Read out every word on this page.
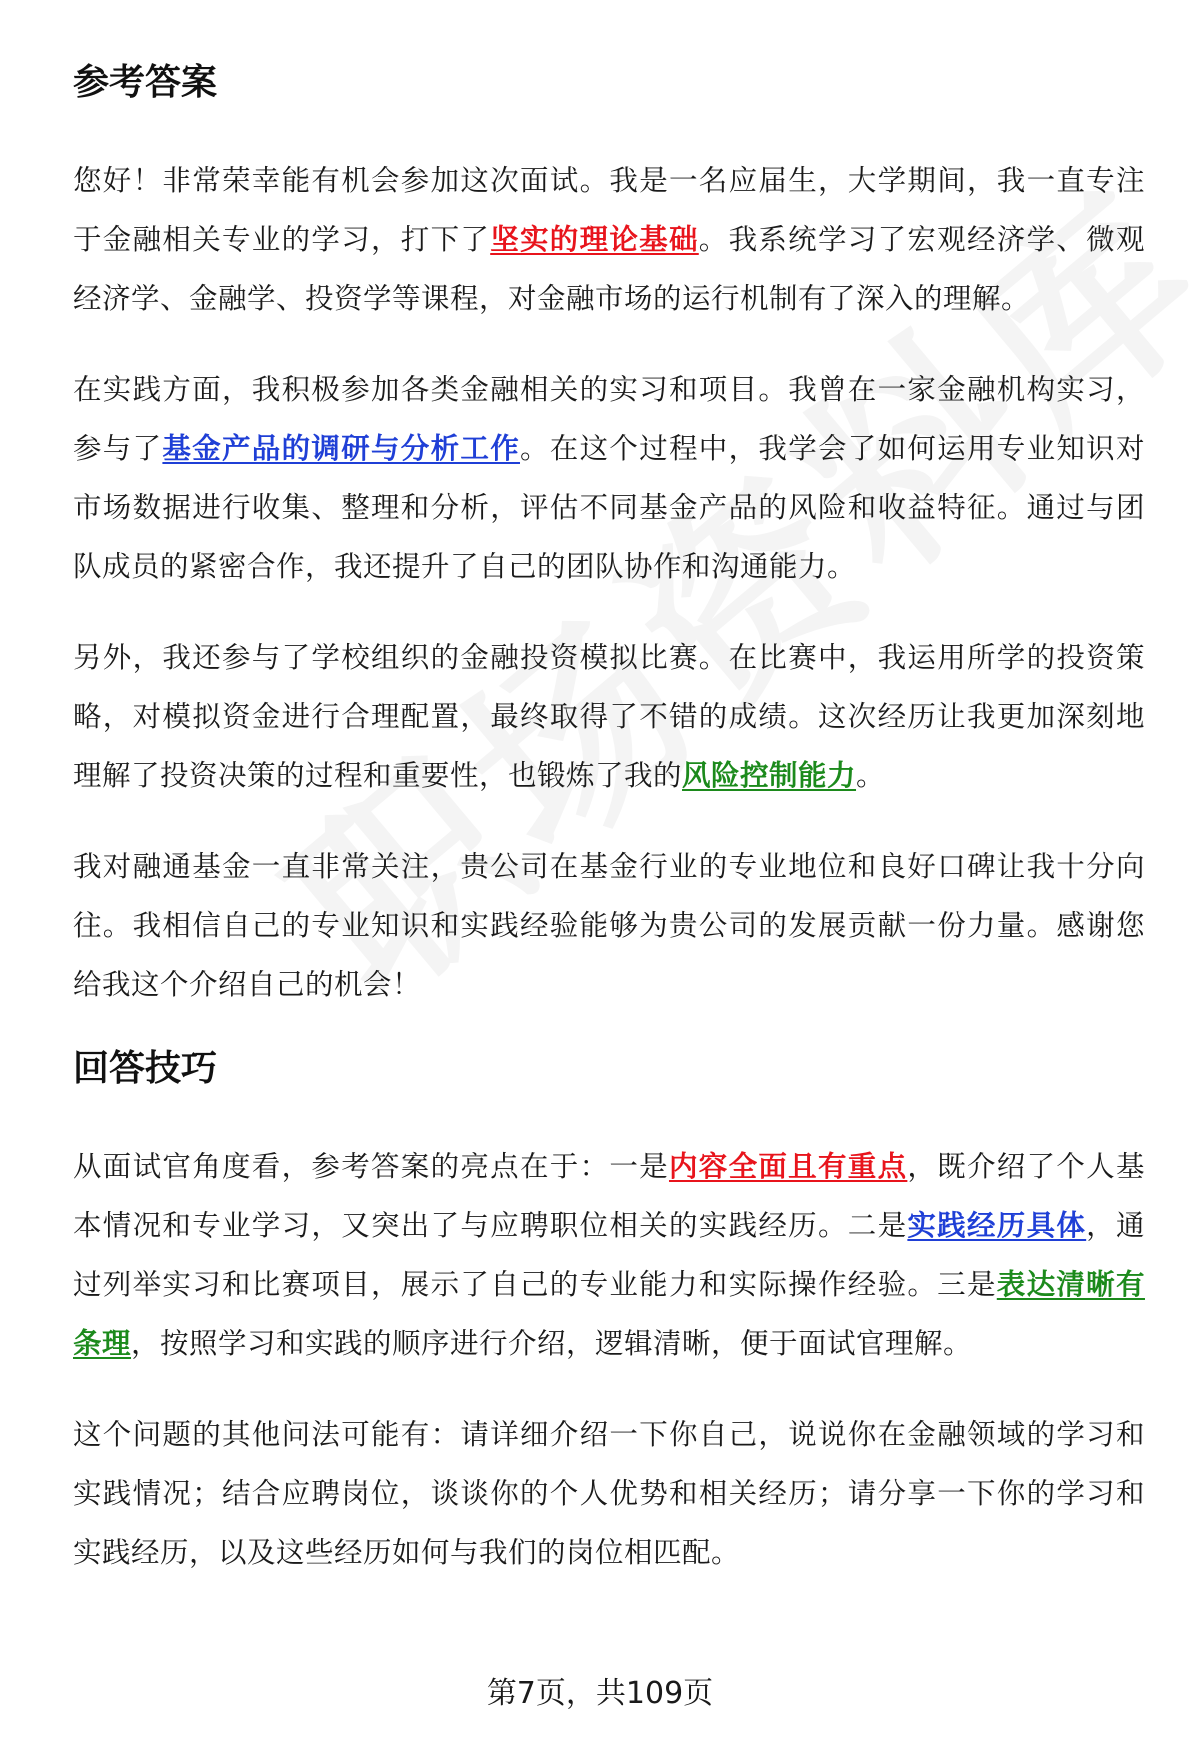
参考答案

您好！非常荣幸能有机会参加这次面试。我是一名应届生，大学期间，我一直专注于金融相关专业的学习，打下了坚实的理论基础。我系统学习了宏观经济学、微观经济学、金融学、投资学等课程，对金融市场的运行机制有了深入的理解。

在实践方面，我积极参加各类金融相关的实习和项目。我曾在一家金融机构实习，参与了基金产品的调研与分析工作。在这个过程中，我学会了如何运用专业知识对市场数据进行收集、整理和分析，评估不同基金产品的风险和收益特征。通过与团队成员的紧密合作，我还提升了自己的团队协作和沟通能力。

另外，我还参与了学校组织的金融投资模拟比赛。在比赛中，我运用所学的投资策略，对模拟资金进行合理配置，最终取得了不错的成绩。这次经历让我更加深刻地理解了投资决策的过程和重要性，也锻炼了我的风险控制能力。

我对融通基金一直非常关注，贵公司在基金行业的专业地位和良好口碑让我十分向往。我相信自己的专业知识和实践经验能够为贵公司的发展贡献一份力量。感谢您给我这个介绍自己的机会！

回答技巧

从面试官角度看，参考答案的亮点在于：一是内容全面且有重点，既介绍了个人基本情况和专业学习，又突出了与应聘职位相关的实践经历。二是实践经历具体，通过列举实习和比赛项目，展示了自己的专业能力和实际操作经验。三是表达清晰有条理，按照学习和实践的顺序进行介绍，逻辑清晰，便于面试官理解。

这个问题的其他问法可能有：请详细介绍一下你自己，说说你在金融领域的学习和实践情况；结合应聘岗位，谈谈你的个人优势和相关经历；请分享一下你的学习和实践经历，以及这些经历如何与我们的岗位相匹配。

第7页，共109页
